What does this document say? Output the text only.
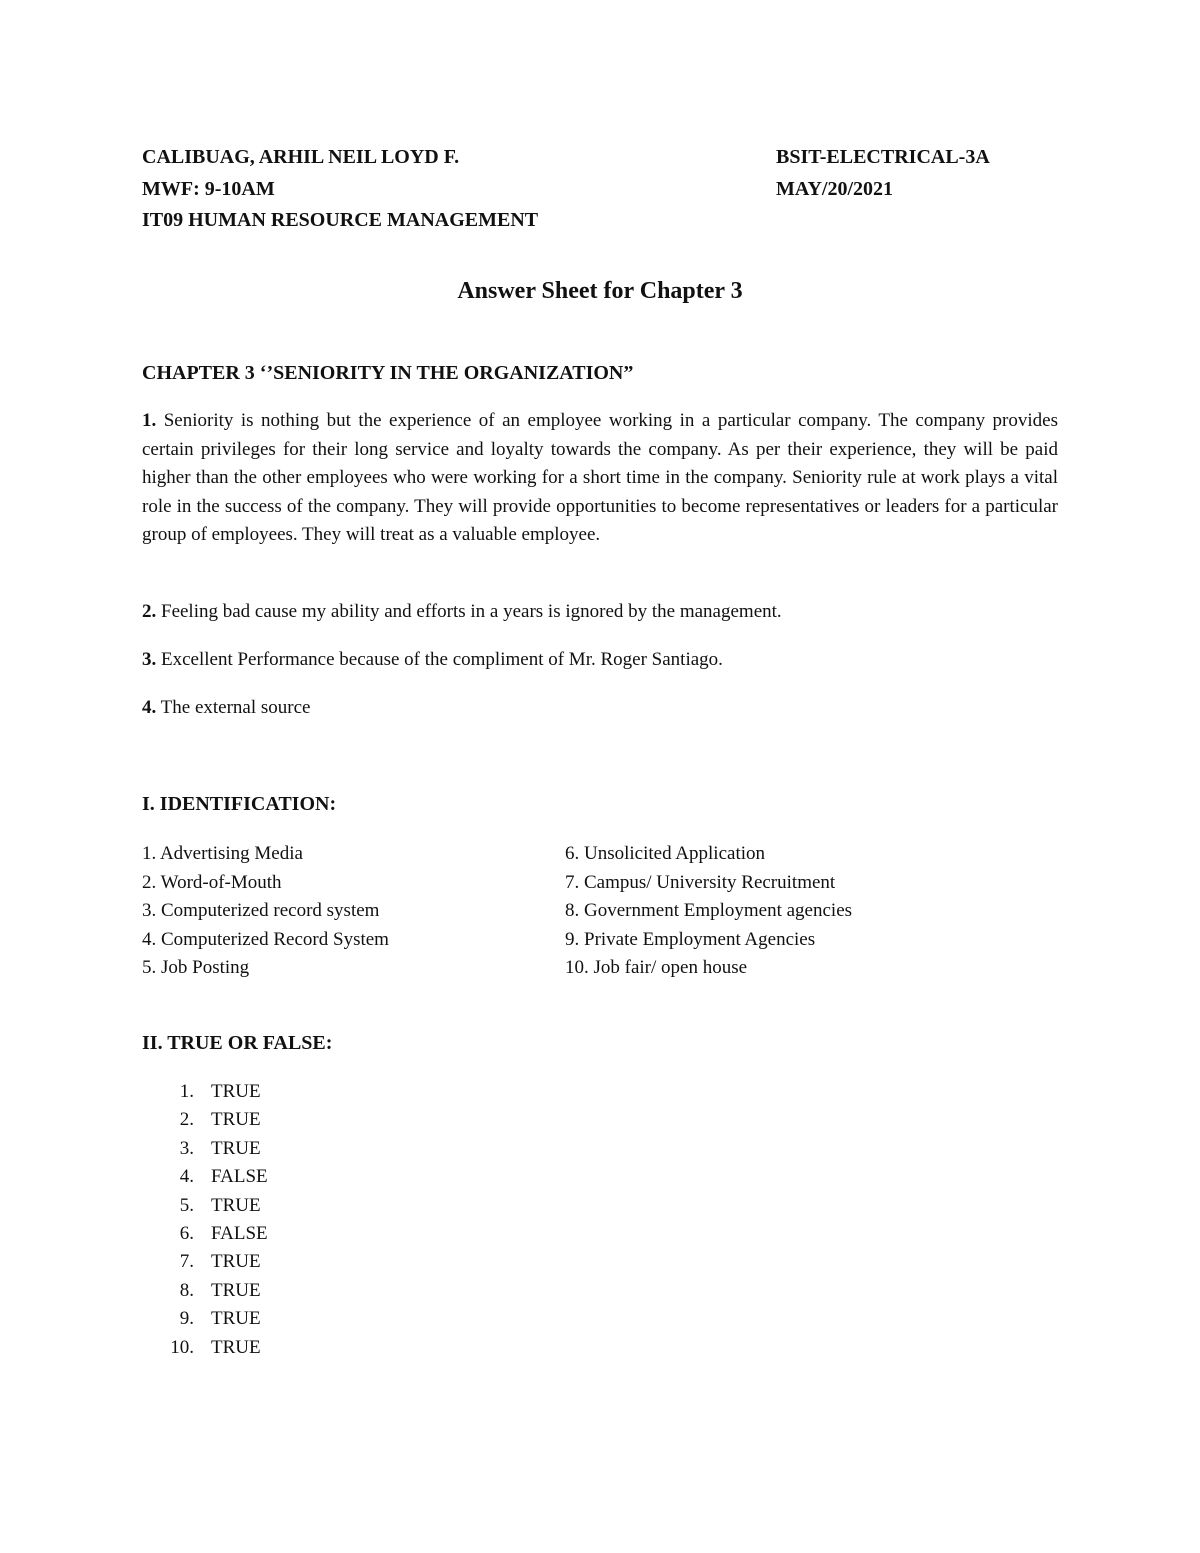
CALIBUAG, ARHIL NEIL LOYD F.	BSIT-ELECTRICAL-3A
MWF: 9-10AM	MAY/20/2021
IT09 HUMAN RESOURCE MANAGEMENT
Answer Sheet for Chapter 3
CHAPTER 3 ‘’SENIORITY IN THE ORGANIZATION”
1. Seniority is nothing but the experience of an employee working in a particular company. The company provides certain privileges for their long service and loyalty towards the company. As per their experience, they will be paid higher than the other employees who were working for a short time in the company. Seniority rule at work plays a vital role in the success of the company. They will provide opportunities to become representatives or leaders for a particular group of employees. They will treat as a valuable employee.
2. Feeling bad cause my ability and efforts in a years is ignored by the management.
3. Excellent Performance because of the compliment of Mr. Roger Santiago.
4. The external source
I. IDENTIFICATION:
1. Advertising Media
2. Word-of-Mouth
3. Computerized record system
4. Computerized Record System
5. Job Posting
6. Unsolicited Application
7. Campus/ University Recruitment
8. Government Employment agencies
9. Private Employment Agencies
10. Job fair/ open house
II. TRUE OR FALSE:
1. TRUE
2. TRUE
3. TRUE
4. FALSE
5. TRUE
6. FALSE
7. TRUE
8. TRUE
9. TRUE
10. TRUE
